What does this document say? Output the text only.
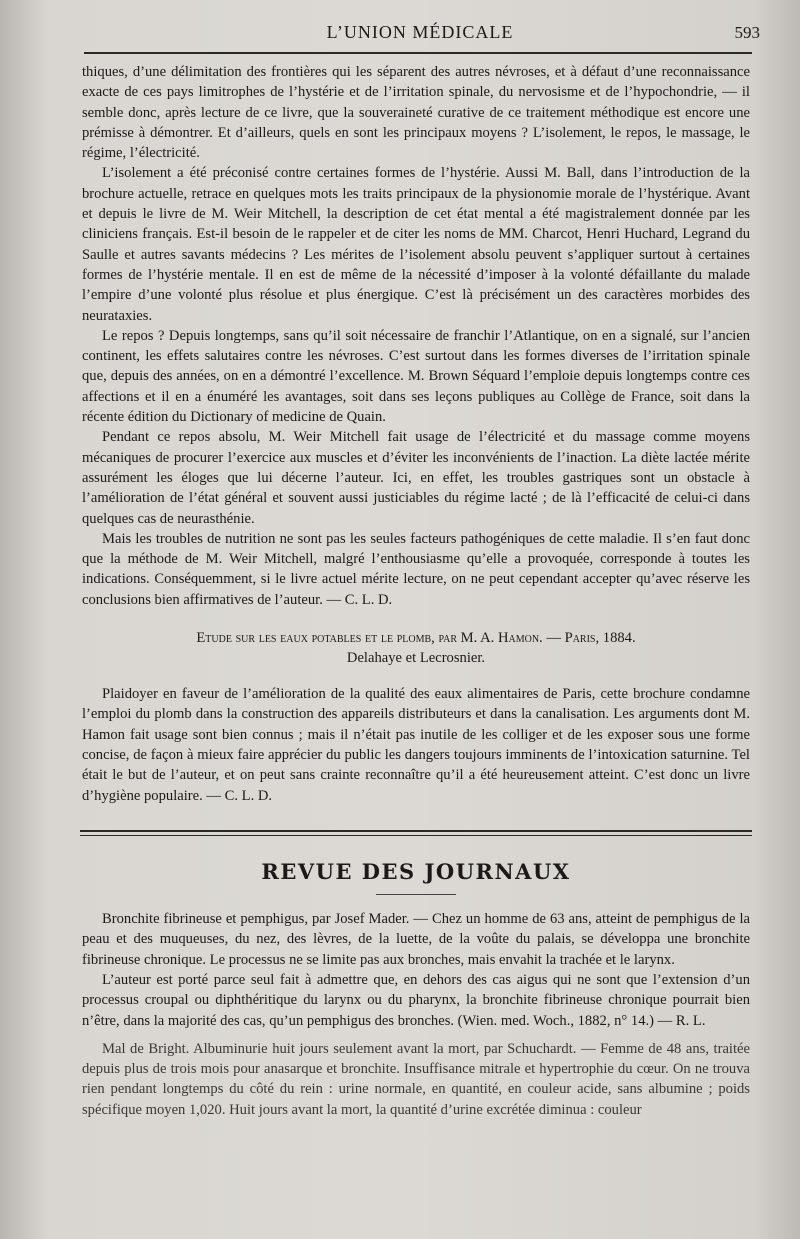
L’UNION MÉDICALE	593

thiques, d’une délimitation des frontières qui les séparent des autres névroses, et à défaut d’une reconnaissance exacte de ces pays limitrophes de l’hystérie et de l’irritation spinale, du nervosisme et de l’hypochondrie, — il semble donc, après lecture de ce livre, que la souveraineté curative de ce traitement méthodique est encore une prémisse à démontrer. Et d’ailleurs, quels en sont les principaux moyens ? L’isolement, le repos, le massage, le régime, l’électricité.

L’isolement a été préconisé contre certaines formes de l’hystérie. Aussi M. Ball, dans l’introduction de la brochure actuelle, retrace en quelques mots les traits principaux de la physionomie morale de l’hystérique. Avant et depuis le livre de M. Weir Mitchell, la description de cet état mental a été magistralement donnée par les cliniciens français. Est-il besoin de le rappeler et de citer les noms de MM. Charcot, Henri Huchard, Legrand du Saulle et autres savants médecins ? Les mérites de l’isolement absolu peuvent s’appliquer surtout à certaines formes de l’hystérie mentale. Il en est de même de la nécessité d’imposer à la volonté défaillante du malade l’empire d’une volonté plus résolue et plus énergique. C’est là précisément un des caractères morbides des neurataxies.

Le repos ? Depuis longtemps, sans qu’il soit nécessaire de franchir l’Atlantique, on en a signalé, sur l’ancien continent, les effets salutaires contre les névroses. C’est surtout dans les formes diverses de l’irritation spinale que, depuis des années, on en a démontré l’excellence. M. Brown Séquard l’emploie depuis longtemps contre ces affections et il en a énuméré les avantages, soit dans ses leçons publiques au Collège de France, soit dans la récente édition du Dictionary of medicine de Quain.

Pendant ce repos absolu, M. Weir Mitchell fait usage de l’électricité et du massage comme moyens mécaniques de procurer l’exercice aux muscles et d’éviter les inconvénients de l’inaction. La diète lactée mérite assurément les éloges que lui décerne l’auteur. Ici, en effet, les troubles gastriques sont un obstacle à l’amélioration de l’état général et souvent aussi justiciables du régime lacté ; de là l’efficacité de celui-ci dans quelques cas de neurasthénie.

Mais les troubles de nutrition ne sont pas les seules facteurs pathogéniques de cette maladie. Il s’en faut donc que la méthode de M. Weir Mitchell, malgré l’enthousiasme qu’elle a provoquée, corresponde à toutes les indications. Conséquemment, si le livre actuel mérite lecture, on ne peut cependant accepter qu’avec réserve les conclusions bien affirmatives de l’auteur. — C. L. D.

Etude sur les eaux potables et le plomb, par M. A. Hamon. — Paris, 1884.
Delahaye et Lecrosnier.

Plaidoyer en faveur de l’amélioration de la qualité des eaux alimentaires de Paris, cette brochure condamne l’emploi du plomb dans la construction des appareils distributeurs et dans la canalisation. Les arguments dont M. Hamon fait usage sont bien connus ; mais il n’était pas inutile de les colliger et de les exposer sous une forme concise, de façon à mieux faire apprécier du public les dangers toujours imminents de l’intoxication saturnine. Tel était le but de l’auteur, et on peut sans crainte reconnaître qu’il a été heureusement atteint. C’est donc un livre d’hygiène populaire. — C. L. D.

REVUE DES JOURNAUX

Bronchite fibrineuse et pemphigus, par Josef Mader. — Chez un homme de 63 ans, atteint de pemphigus de la peau et des muqueuses, du nez, des lèvres, de la luette, de la voûte du palais, se développa une bronchite fibrineuse chronique. Le processus ne se limite pas aux bronches, mais envahit la trachée et le larynx.

L’auteur est porté parce seul fait à admettre que, en dehors des cas aigus qui ne sont que l’extension d’un processus croupal ou diphthéritique du larynx ou du pharynx, la bronchite fibrineuse chronique pourrait bien n’être, dans la majorité des cas, qu’un pemphigus des bronches. (Wien. med. Woch., 1882, n° 14.) — R. L.

Mal de Bright. Albuminurie huit jours seulement avant la mort, par Schuchardt. — Femme de 48 ans, traitée depuis plus de trois mois pour anasarque et bronchite. Insuffisance mitrale et hypertrophie du cœur. On ne trouva rien pendant longtemps du côté du rein : urine normale, en quantité, en couleur acide, sans albumine ; poids spécifique moyen 1,020. Huit jours avant la mort, la quantité d’urine excrétée diminua : couleur
